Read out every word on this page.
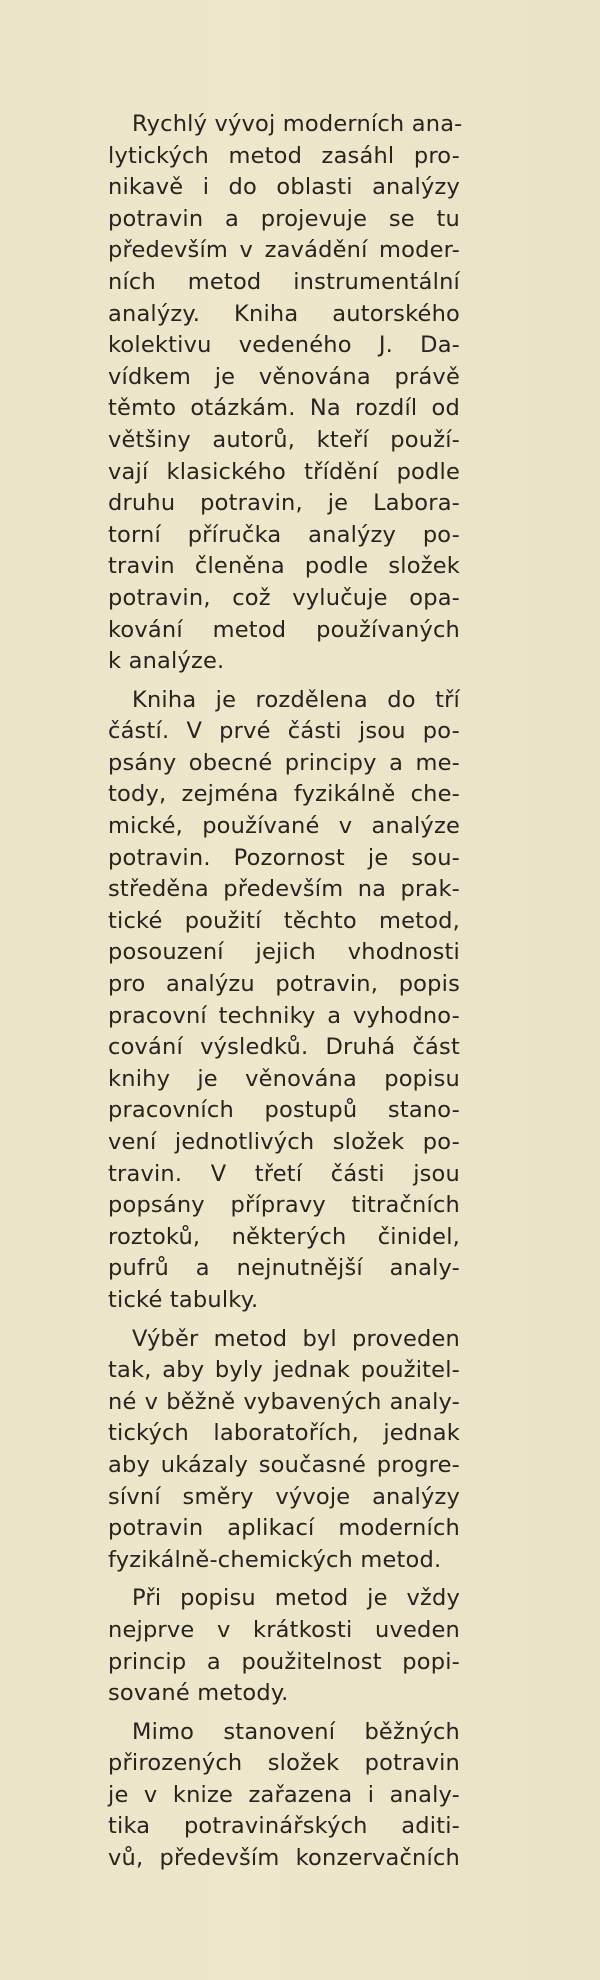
Rychlý vývoj moderních ana-
lytických metod zasáhl pro-
nikavě i do oblasti analýzy
potravin a projevuje se tu
především v zavádění moder-
ních metod instrumentální
analýzy. Kniha autorského
kolektivu vedeného J. Da-
vídkem je věnována právě
těmto otázkám. Na rozdíl od
většiny autorů, kteří použí-
vají klasického třídění podle
druhu potravin, je Labora-
torní příručka analýzy po-
travin členěna podle složek
potravin, což vylučuje opa-
kování metod používaných
k analýze.
Kniha je rozdělena do tří
částí. V prvé části jsou po-
psány obecné principy a me-
tody, zejména fyzikálně che-
mické, používané v analýze
potravin. Pozornost je sou-
středěna především na prak-
tické použití těchto metod,
posouzení jejich vhodnosti
pro analýzu potravin, popis
pracovní techniky a vyhodno-
cování výsledků. Druhá část
knihy je věnována popisu
pracovních postupů stano-
vení jednotlivých složek po-
travin. V třetí části jsou
popsány přípravy titračních
roztoků, některých činidel,
pufrů a nejnutnější analy-
tické tabulky.
Výběr metod byl proveden
tak, aby byly jednak použitel-
né v běžně vybavených analy-
tických laboratořích, jednak
aby ukázaly současné progre-
sívní směry vývoje analýzy
potravin aplikací moderních
fyzikálně-chemických metod.
Při popisu metod je vždy
nejprve v krátkosti uveden
princip a použitelnost popi-
sované metody.
Mimo stanovení běžných
přirozených složek potravin
je v knize zařazena i analy-
tika potravinářských aditi-
vů, především konzervačních
